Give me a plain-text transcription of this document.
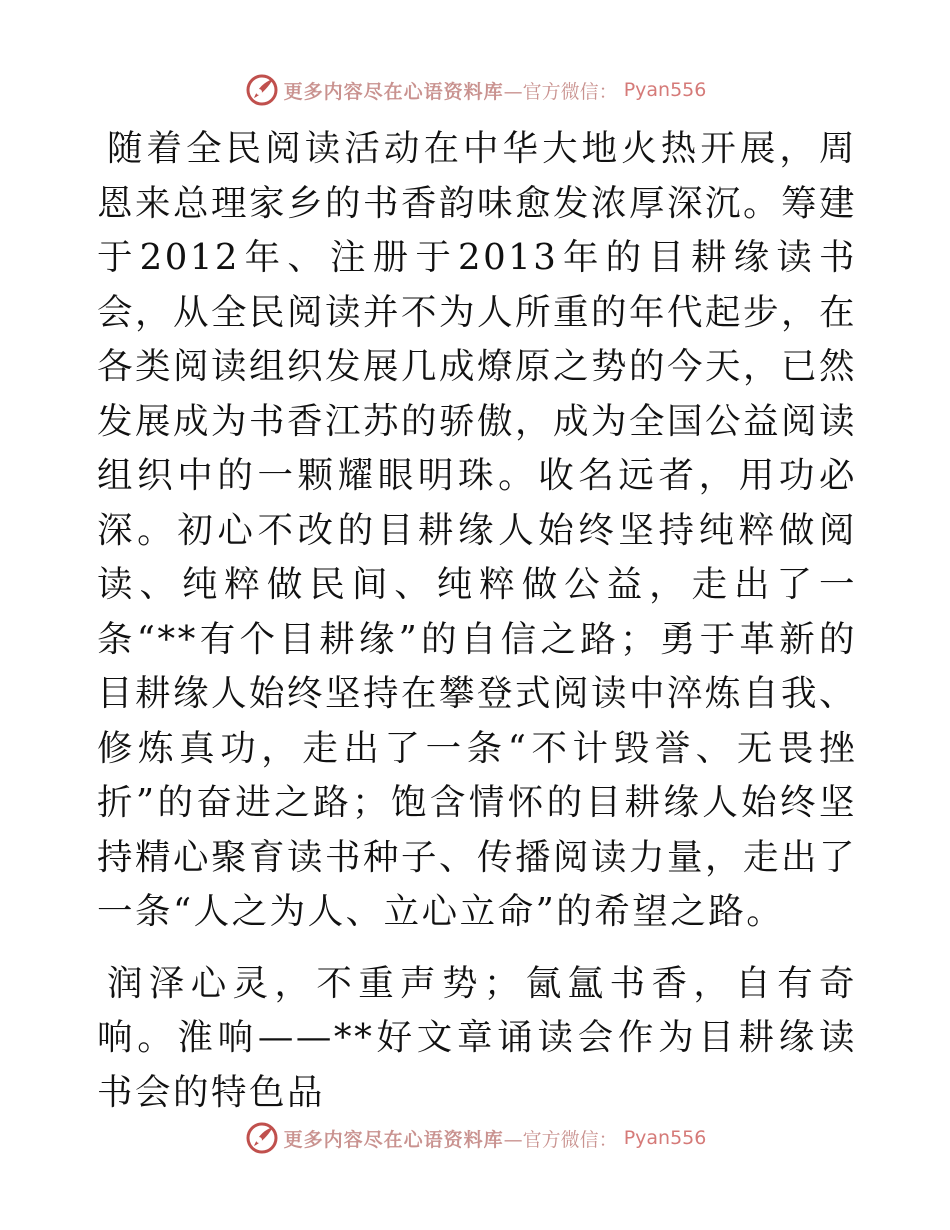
更多内容尽在心语资料库 —官方微信： Pyan556

随着全民阅读活动在中华大地火热开展，周恩来总理家乡的书香韵味愈发浓厚深沉。筹建于2012年、注册于2013年的目耕缘读书会，从全民阅读并不为人所重的年代起步，在各类阅读组织发展几成燎原之势的今天，已然发展成为书香江苏的骄傲，成为全国公益阅读组织中的一颗耀眼明珠。收名远者，用功必深。初心不改的目耕缘人始终坚持纯粹做阅读、纯粹做民间、纯粹做公益，走出了一条“**有个目耕缘”的自信之路；勇于革新的目耕缘人始终坚持在攀登式阅读中淬炼自我、修炼真功，走出了一条“不计毁誉、无畏挫折”的奋进之路；饱含情怀的目耕缘人始终坚持精心聚育读书种子、传播阅读力量，走出了一条“人之为人、立心立命”的希望之路。

润泽心灵，不重声势；氤氲书香，自有奇响。淮响——**好文章诵读会作为目耕缘读书会的特色品

更多内容尽在心语资料库 —官方微信： Pyan556
